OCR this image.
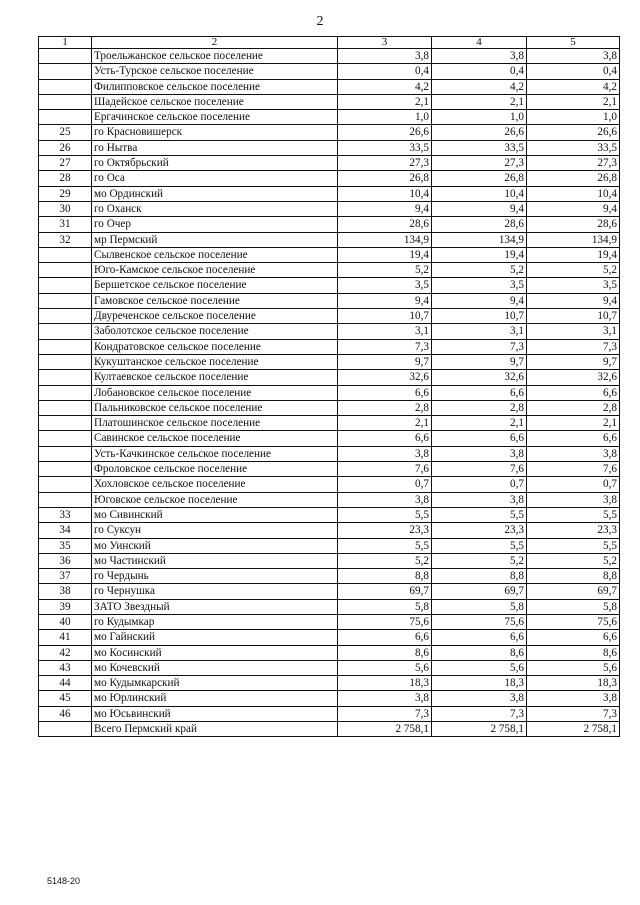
2
1	2	3	4	5
	Троельжанское сельское поселение	3,8	3,8	3,8
	Усть-Турское сельское поселение	0,4	0,4	0,4
	Филипповское сельское поселение	4,2	4,2	4,2
	Шадейское сельское поселение	2,1	2,1	2,1
	Ергачинское сельское поселение	1,0	1,0	1,0
25	го Красновишерск	26,6	26,6	26,6
26	го Нытва	33,5	33,5	33,5
27	го Октябрьский	27,3	27,3	27,3
28	го Оса	26,8	26,8	26,8
29	мо Ординский	10,4	10,4	10,4
30	го Оханск	9,4	9,4	9,4
31	го Очер	28,6	28,6	28,6
32	мр Пермский	134,9	134,9	134,9
	Сылвенское сельское поселение	19,4	19,4	19,4
	Юго-Камское сельское поселение	5,2	5,2	5,2
	Бершетское сельское поселение	3,5	3,5	3,5
	Гамовское сельское поселение	9,4	9,4	9,4
	Двуреченское сельское поселение	10,7	10,7	10,7
	Заболотское сельское поселение	3,1	3,1	3,1
	Кондратовское сельское поселение	7,3	7,3	7,3
	Кукуштанское сельское поселение	9,7	9,7	9,7
	Култаевское сельское поселение	32,6	32,6	32,6
	Лобановское сельское поселение	6,6	6,6	6,6
	Пальниковское сельское поселение	2,8	2,8	2,8
	Платошинское сельское поселение	2,1	2,1	2,1
	Савинское сельское поселение	6,6	6,6	6,6
	Усть-Качкинское сельское поселение	3,8	3,8	3,8
	Фроловское сельское поселение	7,6	7,6	7,6
	Хохловское сельское поселение	0,7	0,7	0,7
	Юговское сельское поселение	3,8	3,8	3,8
33	мо Сивинский	5,5	5,5	5,5
34	го Суксун	23,3	23,3	23,3
35	мо Уинский	5,5	5,5	5,5
36	мо Частинский	5,2	5,2	5,2
37	го Чердынь	8,8	8,8	8,8
38	го Чернушка	69,7	69,7	69,7
39	ЗАТО Звездный	5,8	5,8	5,8
40	го Кудымкар	75,6	75,6	75,6
41	мо Гайнский	6,6	6,6	6,6
42	мо Косинский	8,6	8,6	8,6
43	мо Кочевский	5,6	5,6	5,6
44	мо Кудымкарский	18,3	18,3	18,3
45	мо Юрлинский	3,8	3,8	3,8
46	мо Юсьвинский	7,3	7,3	7,3
	Всего Пермский край	2 758,1	2 758,1	2 758,1
5148-20
